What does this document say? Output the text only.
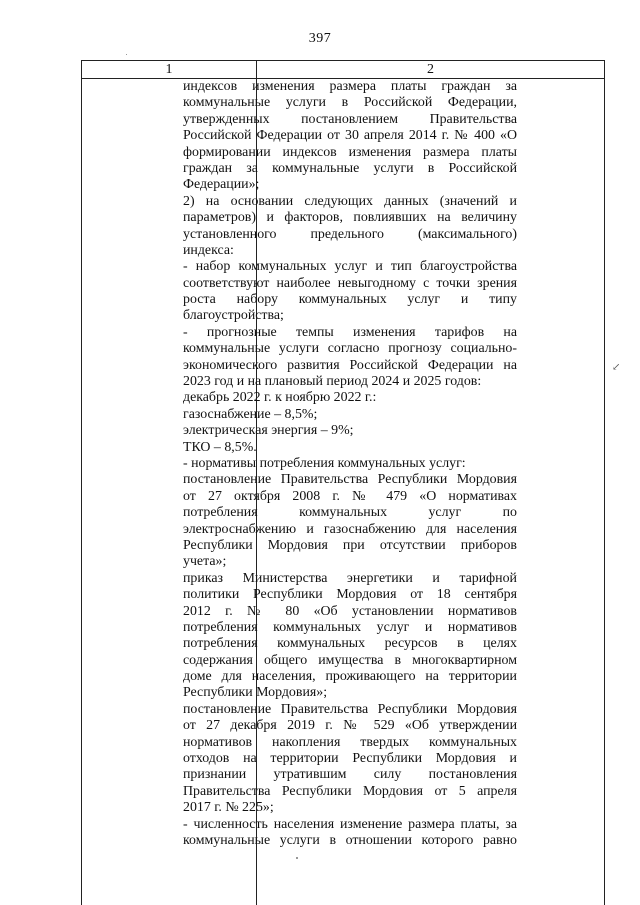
397
1	2
индексов изменения размера платы граждан за
коммунальные услуги в Российской Федерации,
утвержденных постановлением Правительства
Российской Федерации от 30 апреля 2014 г. № 400 «О
формировании индексов изменения размера платы
граждан за коммунальные услуги в Российской
Федерации»;
2) на основании следующих данных (значений и
параметров) и факторов, повлиявших на величину
установленного предельного (максимального)
индекса:
- набор коммунальных услуг и тип благоустройства
соответствуют наиболее невыгодному с точки зрения
роста набору коммунальных услуг и типу
благоустройства;
- прогнозные темпы изменения тарифов на
коммунальные услуги согласно прогнозу социально-
экономического развития Российской Федерации на
2023 год и на плановый период 2024 и 2025 годов:
декабрь 2022 г. к ноябрю 2022 г.:
газоснабжение – 8,5%;
электрическая энергия – 9%;
ТКО – 8,5%.
- нормативы потребления коммунальных услуг:
постановление Правительства Республики Мордовия
от 27 октября 2008 г. № 479 «О нормативах
потребления коммунальных услуг по
электроснабжению и газоснабжению для населения
Республики Мордовия при отсутствии приборов
учета»;
приказ Министерства энергетики и тарифной
политики Республики Мордовия от 18 сентября
2012 г. № 80 «Об установлении нормативов
потребления коммунальных услуг и нормативов
потребления коммунальных ресурсов в целях
содержания общего имущества в многоквартирном
доме для населения, проживающего на территории
Республики Мордовия»;
постановление Правительства Республики Мордовия
от 27 декабря 2019 г. № 529 «Об утверждении
нормативов накопления твердых коммунальных
отходов на территории Республики Мордовия и
признании утратившим силу постановления
Правительства Республики Мордовия от 5 апреля
2017 г. № 225»;
- численность населения изменение размера платы, за
коммунальные услуги в отношении которого равно
↙
